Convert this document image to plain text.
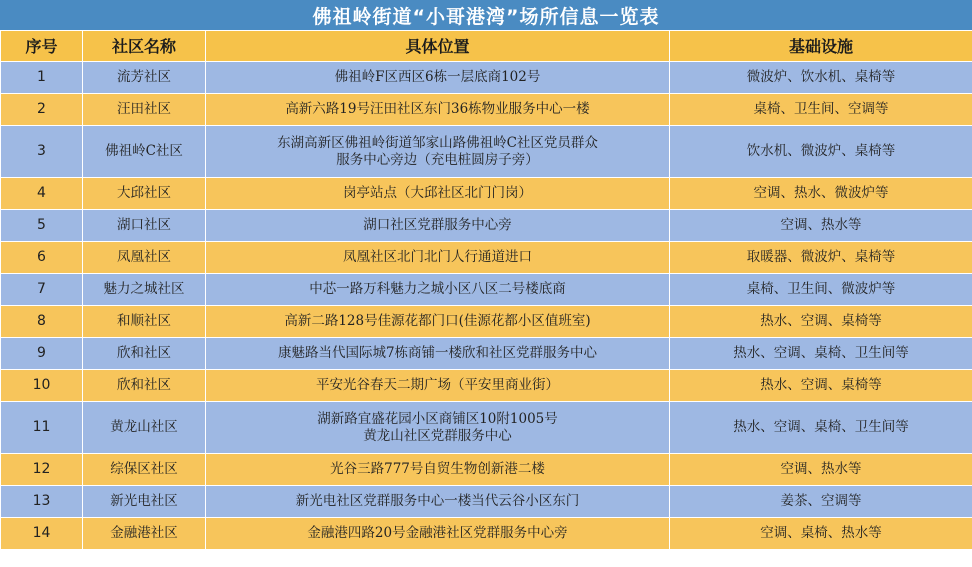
佛祖岭街道“小哥港湾”场所信息一览表
序号	社区名称	具体位置	基础设施
1	流芳社区	佛祖岭F区西区6栋一层底商102号	微波炉、饮水机、桌椅等
2	汪田社区	高新六路19号汪田社区东门36栋物业服务中心一楼	桌椅、卫生间、空调等
3	佛祖岭C社区	东湖高新区佛祖岭街道邹家山路佛祖岭C社区党员群众
服务中心旁边（充电桩圆房子旁）	饮水机、微波炉、桌椅等
4	大邱社区	岗亭站点（大邱社区北门门岗）	空调、热水、微波炉等
5	湖口社区	湖口社区党群服务中心旁	空调、热水等
6	凤凰社区	凤凰社区北门北门人行通道进口	取暖器、微波炉、桌椅等
7	魅力之城社区	中芯一路万科魅力之城小区八区二号楼底商	桌椅、卫生间、微波炉等
8	和顺社区	高新二路128号佳源花都门口(佳源花都小区值班室)	热水、空调、桌椅等
9	欣和社区	康魅路当代国际城7栋商铺一楼欣和社区党群服务中心	热水、空调、桌椅、卫生间等
10	欣和社区	平安光谷春天二期广场（平安里商业街）	热水、空调、桌椅等
11	黄龙山社区	湖新路宜盛花园小区商铺区10附1005号
黄龙山社区党群服务中心	热水、空调、桌椅、卫生间等
12	综保区社区	光谷三路777号自贸生物创新港二楼	空调、热水等
13	新光电社区	新光电社区党群服务中心一楼当代云谷小区东门	姜茶、空调等
14	金融港社区	金融港四路20号金融港社区党群服务中心旁	空调、桌椅、热水等
